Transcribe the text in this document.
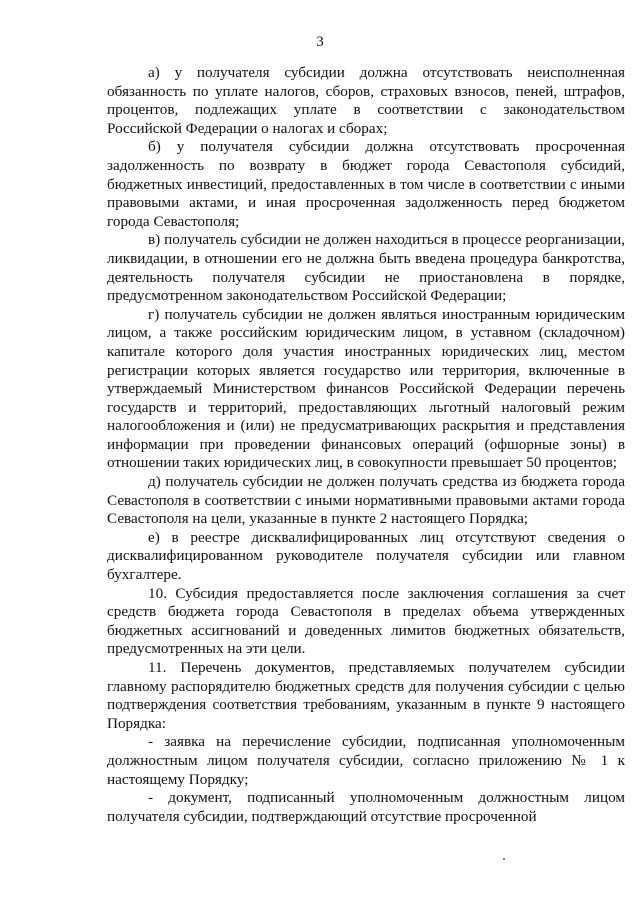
3

а) у получателя субсидии должна отсутствовать неисполненная обязанность по уплате налогов, сборов, страховых взносов, пеней, штрафов, процентов, подлежащих уплате в соответствии с законодательством Российской Федерации о налогах и сборах;

б) у получателя субсидии должна отсутствовать просроченная задолженность по возврату в бюджет города Севастополя субсидий, бюджетных инвестиций, предоставленных в том числе в соответствии с иными правовыми актами, и иная просроченная задолженность перед бюджетом города Севастополя;

в) получатель субсидии не должен находиться в процессе реорганизации, ликвидации, в отношении его не должна быть введена процедура банкротства, деятельность получателя субсидии не приостановлена в порядке, предусмотренном законодательством Российской Федерации;

г) получатель субсидии не должен являться иностранным юридическим лицом, а также российским юридическим лицом, в уставном (складочном) капитале которого доля участия иностранных юридических лиц, местом регистрации которых является государство или территория, включенные в утверждаемый Министерством финансов Российской Федерации перечень государств и территорий, предоставляющих льготный налоговый режим налогообложения и (или) не предусматривающих раскрытия и представления информации при проведении финансовых операций (офшорные зоны) в отношении таких юридических лиц, в совокупности превышает 50 процентов;

д) получатель субсидии не должен получать средства из бюджета города Севастополя в соответствии с иными нормативными правовыми актами города Севастополя на цели, указанные в пункте 2 настоящего Порядка;

е) в реестре дисквалифицированных лиц отсутствуют сведения о дисквалифицированном руководителе получателя субсидии или главном бухгалтере.

10. Субсидия предоставляется после заключения соглашения за счет средств бюджета города Севастополя в пределах объема утвержденных бюджетных ассигнований и доведенных лимитов бюджетных обязательств, предусмотренных на эти цели.

11. Перечень документов, представляемых получателем субсидии главному распорядителю бюджетных средств для получения субсидии с целью подтверждения соответствия требованиям, указанным в пункте 9 настоящего Порядка:

- заявка на перечисление субсидии, подписанная уполномоченным должностным лицом получателя субсидии, согласно приложению № 1 к настоящему Порядку;

- документ, подписанный уполномоченным должностным лицом получателя субсидии, подтверждающий отсутствие просроченной
